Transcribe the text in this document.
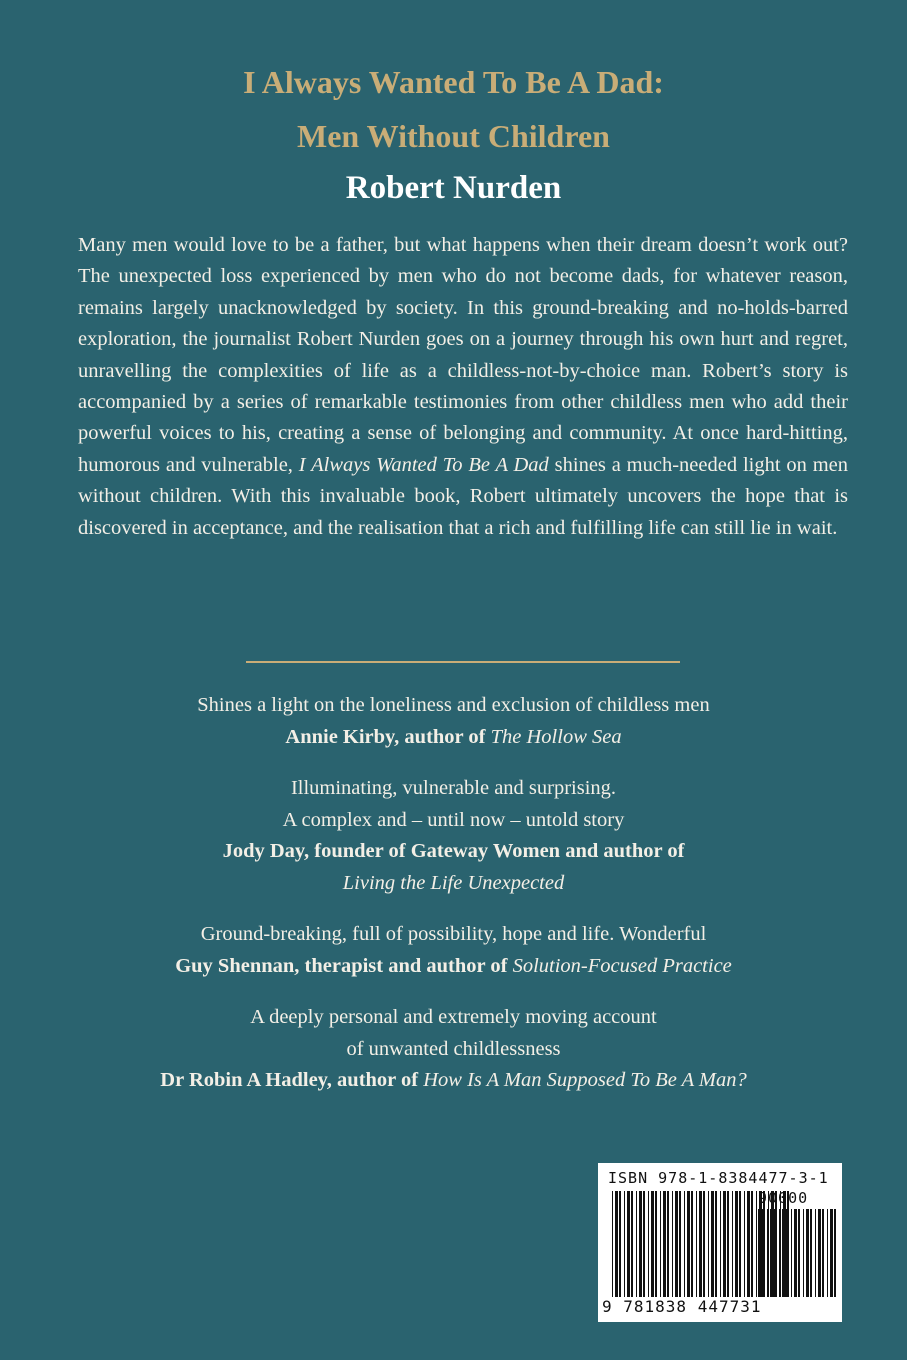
I Always Wanted To Be A Dad:
Men Without Children
Robert Nurden
Many men would love to be a father, but what happens when their dream doesn’t work out? The unexpected loss experienced by men who do not become dads, for whatever reason, remains largely unacknowledged by society. In this ground-breaking and no-holds-barred exploration, the journalist Robert Nurden goes on a journey through his own hurt and regret, unravelling the complexities of life as a childless-not-by-choice man. Robert’s story is accompanied by a series of remarkable testimonies from other childless men who add their powerful voices to his, creating a sense of belonging and community. At once hard-hitting, humorous and vulnerable, I Always Wanted To Be A Dad shines a much-needed light on men without children. With this invaluable book, Robert ultimately uncovers the hope that is discovered in acceptance, and the realisation that a rich and fulfilling life can still lie in wait.
Shines a light on the loneliness and exclusion of childless men
Annie Kirby, author of The Hollow Sea
Illuminating, vulnerable and surprising.
A complex and – until now – untold story
Jody Day, founder of Gateway Women and author of
Living the Life Unexpected
Ground-breaking, full of possibility, hope and life. Wonderful
Guy Shennan, therapist and author of Solution-Focused Practice
A deeply personal and extremely moving account
of unwanted childlessness
Dr Robin A Hadley, author of How Is A Man Supposed To Be A Man?
ISBN 978-1-8384477-3-1
90000
9 781838 447731
